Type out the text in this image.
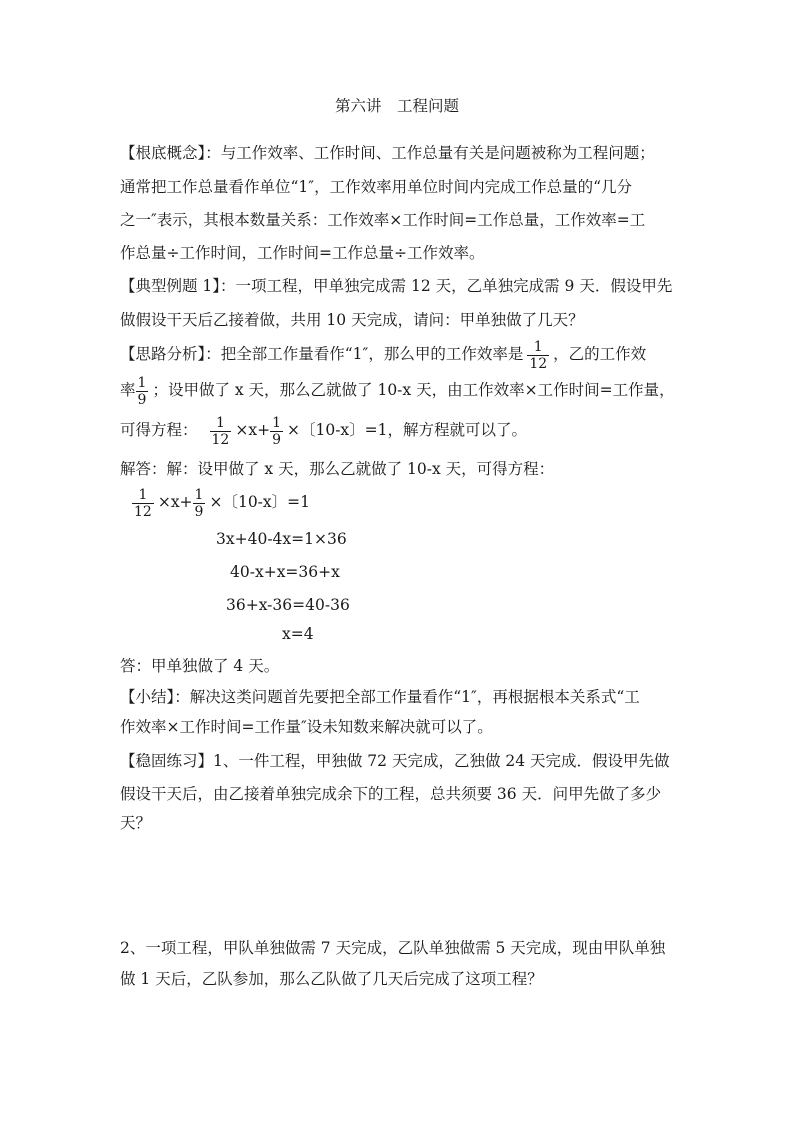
第六讲　工程问题
【根底概念】：与工作效率、工作时间、工作总量有关是问题被称为工程问题；
通常把工作总量看作单位“1″，工作效率用单位时间内完成工作总量的“几分
之一″表示，其根本数量关系：工作效率×工作时间=工作总量，工作效率=工
作总量÷工作时间，工作时间=工作总量÷工作效率。
【典型例题 1】：一项工程，甲单独完成需 12 天，乙单独完成需 9 天．假设甲先
做假设干天后乙接着做，共用 10 天完成，请问：甲单独做了几天？
【思路分析】：把全部工作量看作“1″，那么甲的工作效率是 $\frac{1}{12}$ ，乙的工作效
率 $\frac{1}{9}$ ；设甲做了 x 天，那么乙就做了 10-x 天，由工作效率×工作时间=工作量，
可得方程： $\frac{1}{12} \times x+ \frac{1}{9}$ ×〔10-x〕=1，解方程就可以了。
解答：解：设甲做了 x 天，那么乙就做了 10-x 天，可得方程：
$\frac{1}{12} \times x+ \frac{1}{9}$ ×〔10-x〕=1
3x+40-4x=1×36
40-x+x=36+x
36+x-36=40-36
x=4
答：甲单独做了 4 天。
【小结】：解决这类问题首先要把全部工作量看作“1″，再根据根本关系式“工
作效率×工作时间=工作量″设未知数来解决就可以了。
【稳固练习】1、一件工程，甲独做 72 天完成，乙独做 24 天完成．假设甲先做
假设干天后，由乙接着单独完成余下的工程，总共须要 36 天．问甲先做了多少
天？
2、一项工程，甲队单独做需 7 天完成，乙队单独做需 5 天完成，现由甲队单独
做 1 天后，乙队参加，那么乙队做了几天后完成了这项工程？
